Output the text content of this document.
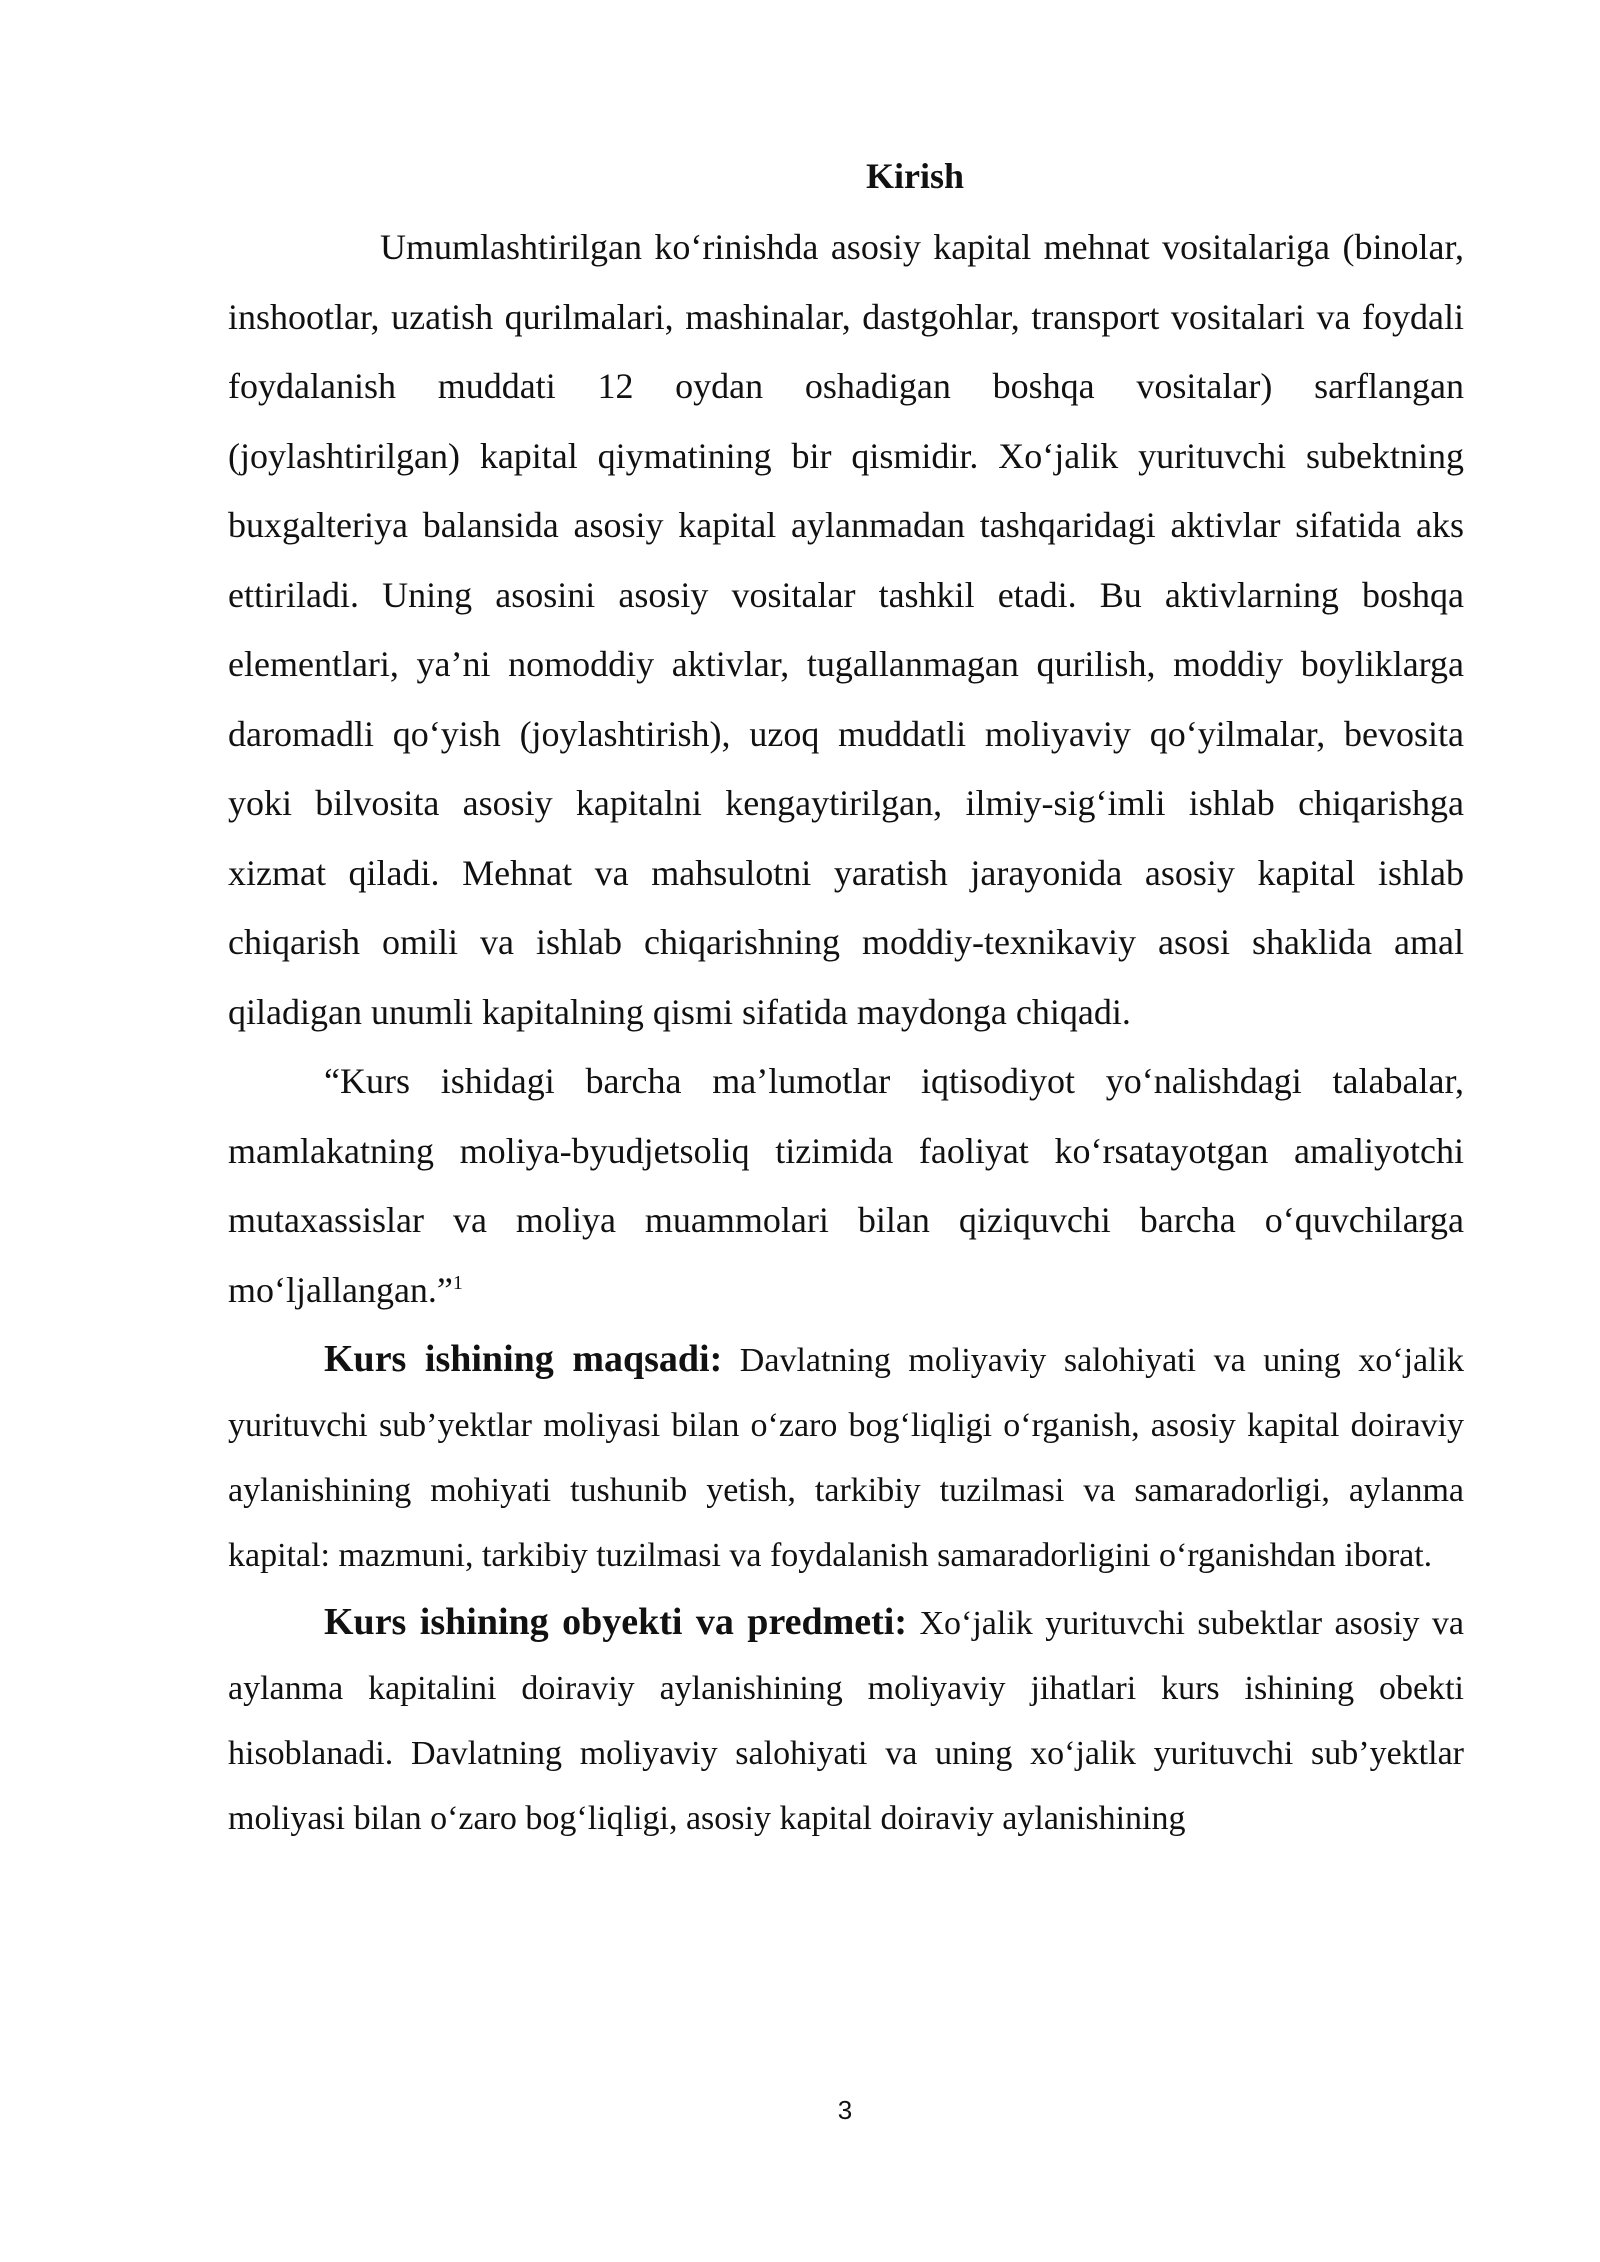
Kirish

Umumlashtirilgan koʻrinishda asosiy kapital mehnat vositalariga (binolar, inshootlar, uzatish qurilmalari, mashinalar, dastgohlar, transport vositalari va foydali foydalanish muddati 12 oydan oshadigan boshqa vositalar) sarflangan (joylashtirilgan) kapital qiymatining bir qismidir. Xoʻjalik yurituvchi subektning buxgalteriya balansida asosiy kapital aylanmadan tashqaridagi aktivlar sifatida aks ettiriladi. Uning asosini asosiy vositalar tashkil etadi. Bu aktivlarning boshqa elementlari, ya’ni nomoddiy aktivlar, tugallanmagan qurilish, moddiy boyliklarga daromadli qoʻyish (joylashtirish), uzoq muddatli moliyaviy qoʻyilmalar, bevosita yoki bilvosita asosiy kapitalni kengaytirilgan, ilmiy-sigʻimli ishlab chiqarishga xizmat qiladi. Mehnat va mahsulotni yaratish jarayonida asosiy kapital ishlab chiqarish omili va ishlab chiqarishning moddiy-texnikaviy asosi shaklida amal qiladigan unumli kapitalning qismi sifatida maydonga chiqadi.

“Kurs ishidagi barcha ma’lumotlar iqtisodiyot yoʻnalishdagi talabalar, mamlakatning moliya-byudjetsoliq tizimida faoliyat koʻrsatayotgan amaliyotchi mutaxassislar va moliya muammolari bilan qiziquvchi barcha oʻquvchilarga moʻljallangan.”$^1$

Kurs ishining maqsadi: Davlatning moliyaviy salohiyati va uning xoʻjalik yurituvchi sub’yektlar moliyasi bilan oʻzaro bogʻliqligi oʻrganish, asosiy kapital doiraviy aylanishining mohiyati tushunib yetish, tarkibiy tuzilmasi va samaradorligi, aylanma kapital: mazmuni, tarkibiy tuzilmasi va foydalanish samaradorligini oʻrganishdan iborat.

Kurs ishining obyekti va predmeti: Xoʻjalik yurituvchi subektlar asosiy va aylanma kapitalini doiraviy aylanishining moliyaviy jihatlari kurs ishining obekti hisoblanadi. Davlatning moliyaviy salohiyati va uning xoʻjalik yurituvchi sub’yektlar moliyasi bilan oʻzaro bogʻliqligi, asosiy kapital doiraviy aylanishining

3
